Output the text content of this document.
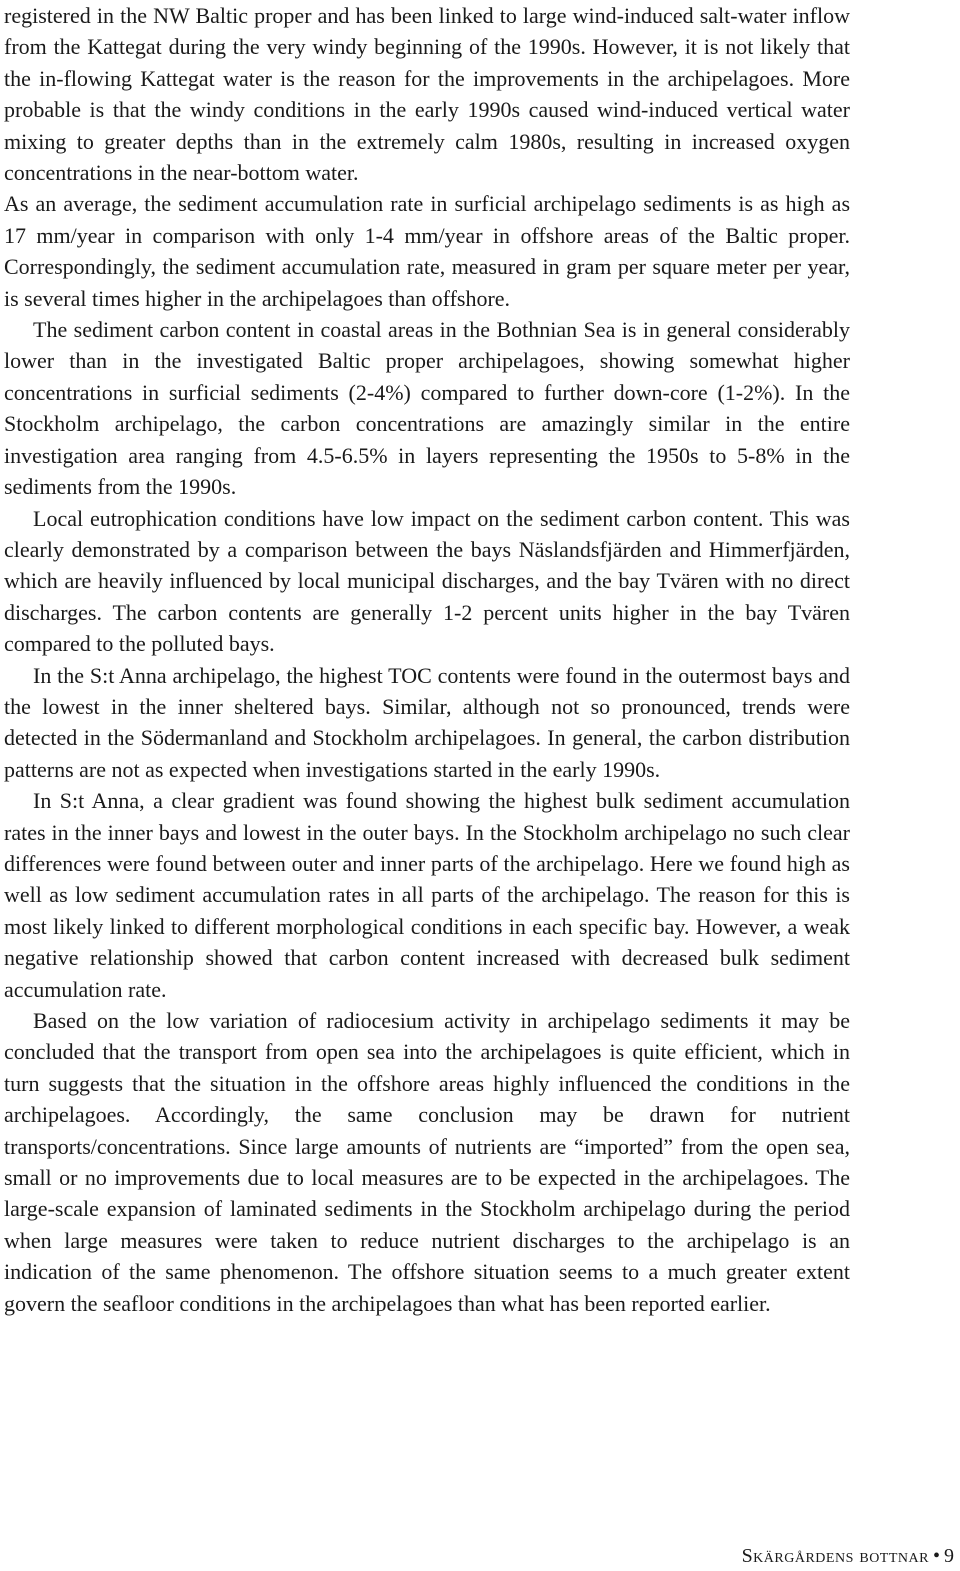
registered in the NW Baltic proper and has been linked to large wind-induced salt-water inflow from the Kattegat during the very windy beginning of the 1990s. However, it is not likely that the in-flowing Kattegat water is the reason for the improvements in the archipelagoes. More probable is that the windy conditions in the early 1990s caused wind-induced vertical water mixing to greater depths than in the extremely calm 1980s, resulting in increased oxygen concentrations in the near-bottom water.

As an average, the sediment accumulation rate in surficial archipelago sediments is as high as 17 mm/year in comparison with only 1-4 mm/year in offshore areas of the Baltic proper. Correspondingly, the sediment accumulation rate, measured in gram per square meter per year, is several times higher in the archipelagoes than offshore.

The sediment carbon content in coastal areas in the Bothnian Sea is in general considerably lower than in the investigated Baltic proper archipelagoes, showing somewhat higher concentrations in surficial sediments (2-4%) compared to further down-core (1-2%). In the Stockholm archipelago, the carbon concentrations are amazingly similar in the entire investigation area ranging from 4.5-6.5% in layers representing the 1950s to 5-8% in the sediments from the 1990s.

Local eutrophication conditions have low impact on the sediment carbon content. This was clearly demonstrated by a comparison between the bays Näslandsfjärden and Himmerfjärden, which are heavily influenced by local municipal discharges, and the bay Tvären with no direct discharges. The carbon contents are generally 1-2 percent units higher in the bay Tvären compared to the polluted bays.

In the S:t Anna archipelago, the highest TOC contents were found in the outermost bays and the lowest in the inner sheltered bays. Similar, although not so pronounced, trends were detected in the Södermanland and Stockholm archipelagoes. In general, the carbon distribution patterns are not as expected when investigations started in the early 1990s.

In S:t Anna, a clear gradient was found showing the highest bulk sediment accumulation rates in the inner bays and lowest in the outer bays. In the Stockholm archipelago no such clear differences were found between outer and inner parts of the archipelago. Here we found high as well as low sediment accumulation rates in all parts of the archipelago. The reason for this is most likely linked to different morphological conditions in each specific bay. However, a weak negative relationship showed that carbon content increased with decreased bulk sediment accumulation rate.

Based on the low variation of radiocesium activity in archipelago sediments it may be concluded that the transport from open sea into the archipelagoes is quite efficient, which in turn suggests that the situation in the offshore areas highly influenced the conditions in the archipelagoes. Accordingly, the same conclusion may be drawn for nutrient transports/concentrations. Since large amounts of nutrients are “imported” from the open sea, small or no improvements due to local measures are to be expected in the archipelagoes. The large-scale expansion of laminated sediments in the Stockholm archipelago during the period when large measures were taken to reduce nutrient discharges to the archipelago is an indication of the same phenomenon. The offshore situation seems to a much greater extent govern the seafloor conditions in the archipelagoes than what has been reported earlier.

Skärgårdens bottnar • 9
